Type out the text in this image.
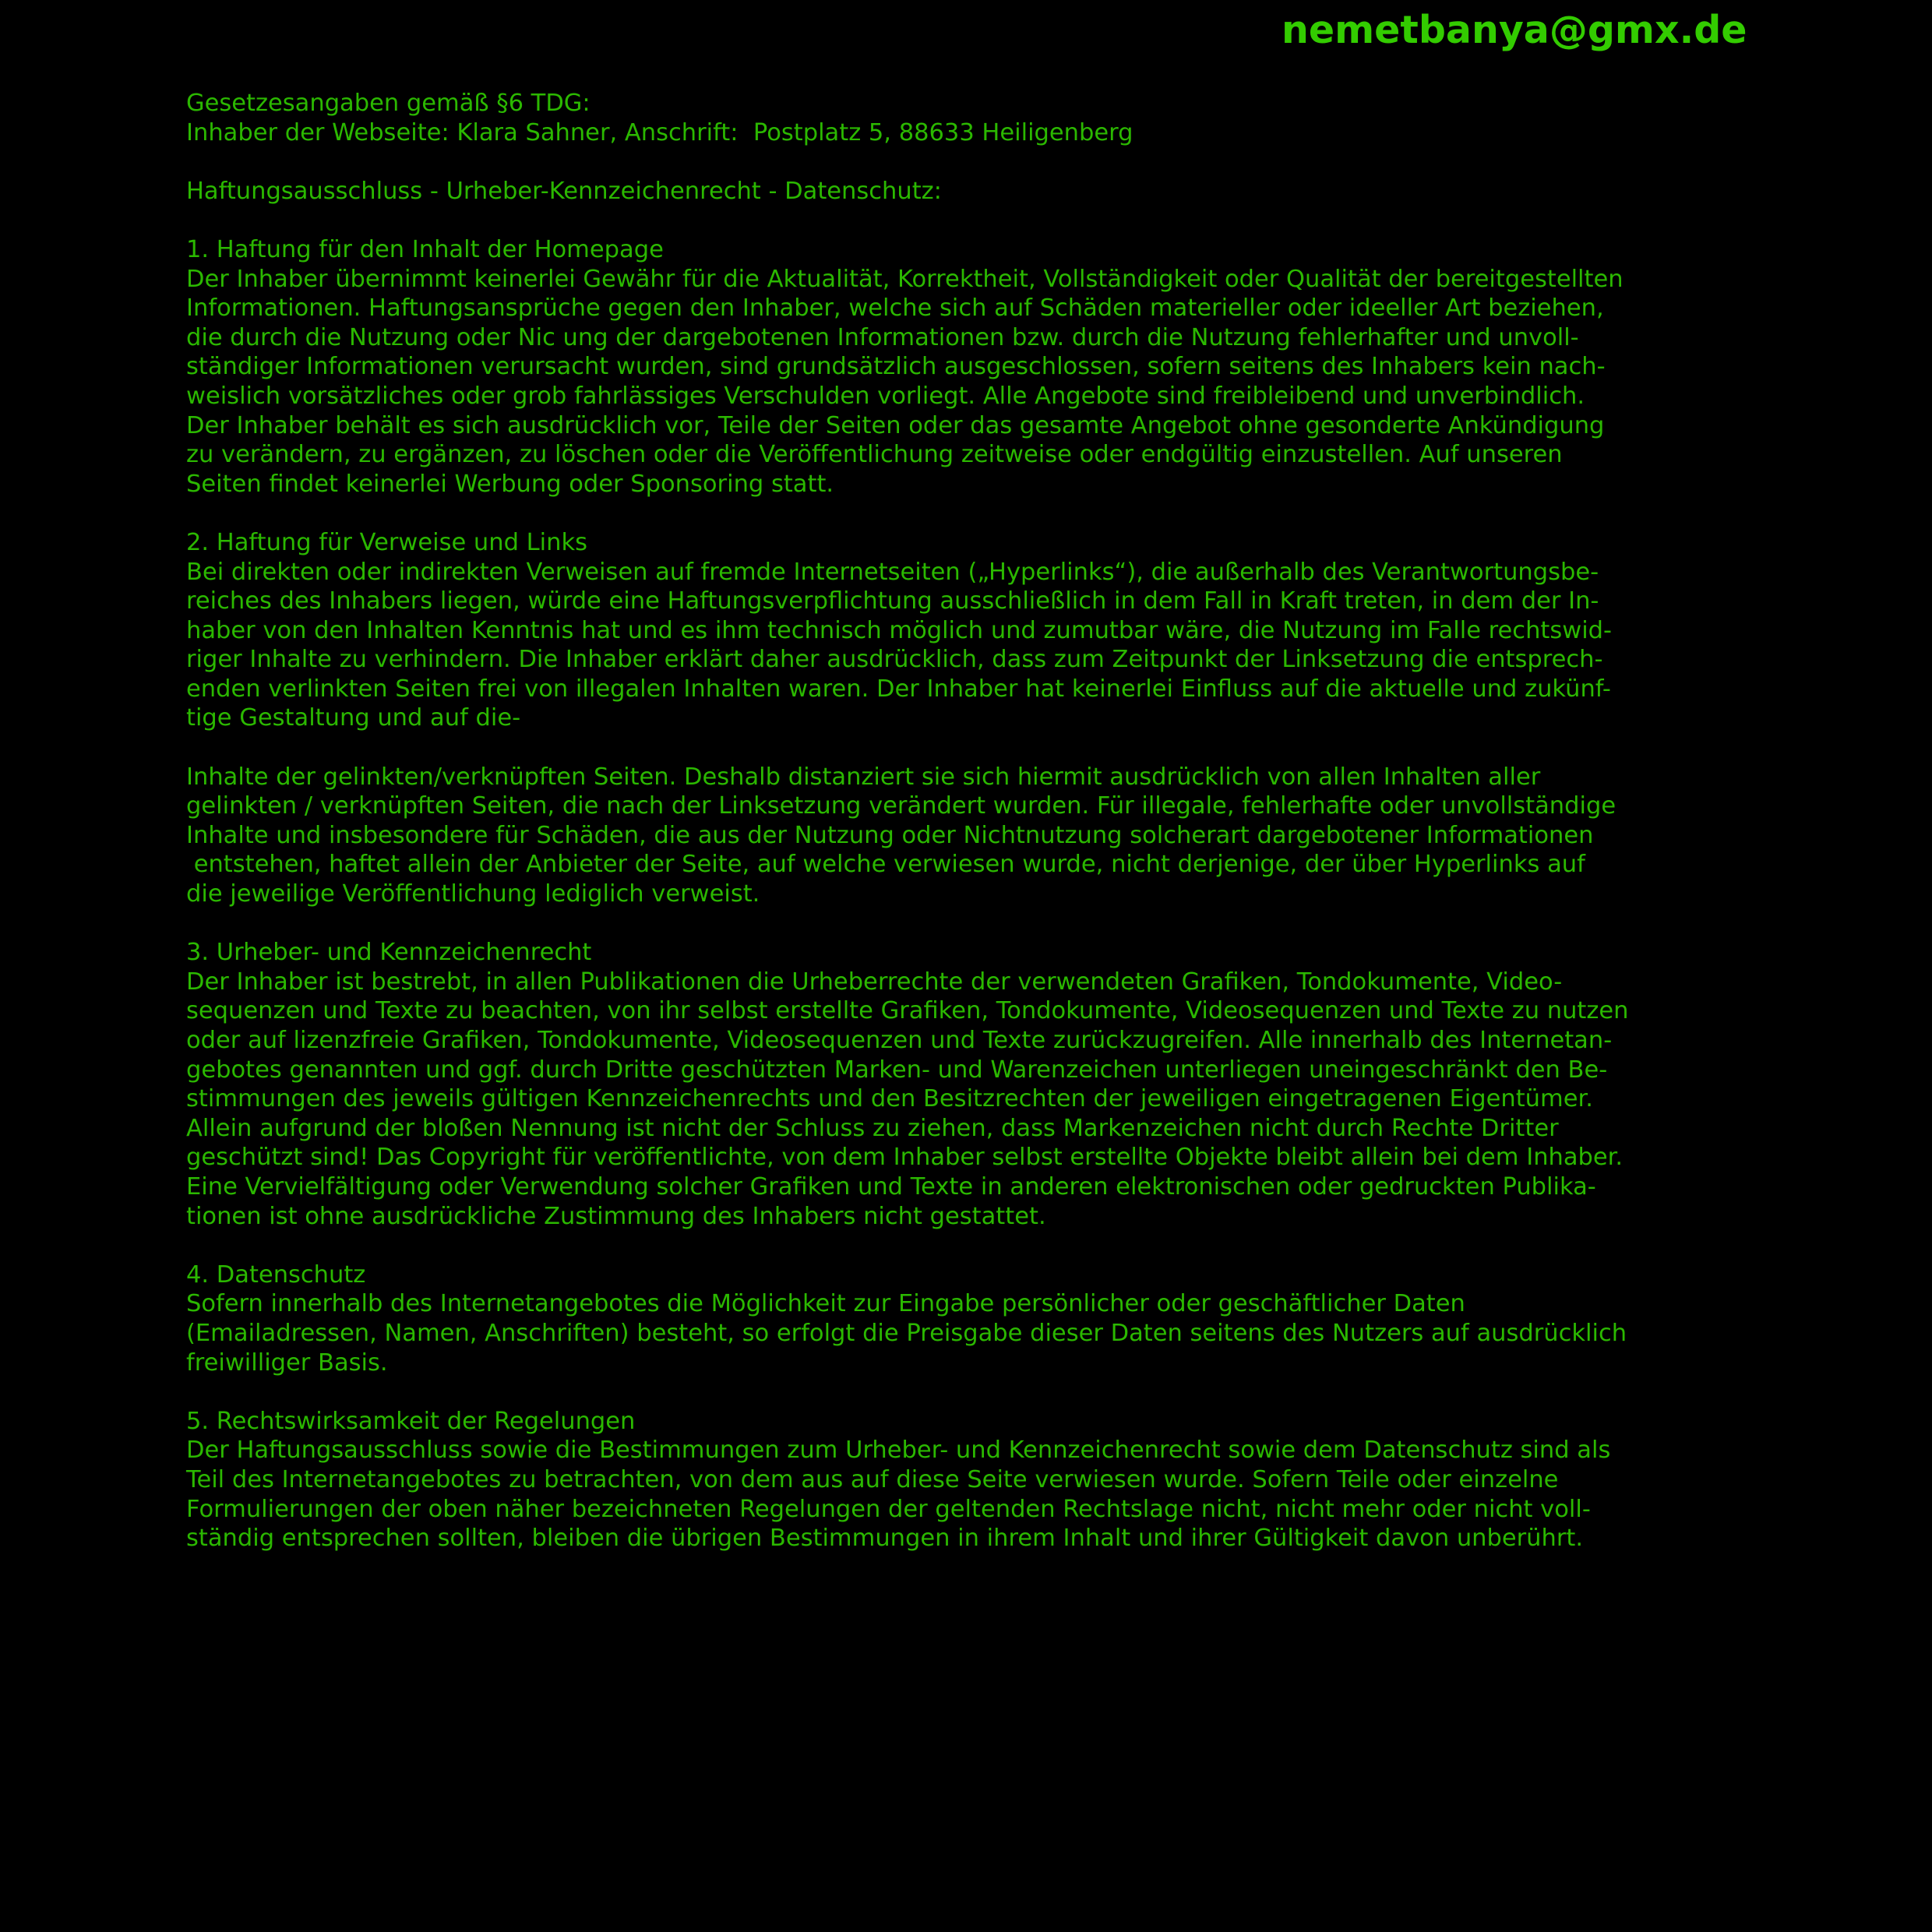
nemetbanya@gmx.de
Gesetzesangaben gemäß §6 TDG:
Inhaber der Webseite: Klara Sahner, Anschrift:  Postplatz 5, 88633 Heiligenberg
Haftungsausschluss - Urheber-Kennzeichenrecht - Datenschutz:
1. Haftung für den Inhalt der Homepage
Der Inhaber übernimmt keinerlei Gewähr für die Aktualität, Korrektheit, Vollständigkeit oder Qualität der bereitgestellten
Informationen. Haftungsansprüche gegen den Inhaber, welche sich auf Schäden materieller oder ideeller Art beziehen,
die durch die Nutzung oder Nic ung der dargebotenen Informationen bzw. durch die Nutzung fehlerhafter und unvoll-
ständiger Informationen verursacht wurden, sind grundsätzlich ausgeschlossen, sofern seitens des Inhabers kein nach-
weislich vorsätzliches oder grob fahrlässiges Verschulden vorliegt. Alle Angebote sind freibleibend und unverbindlich.
Der Inhaber behält es sich ausdrücklich vor, Teile der Seiten oder das gesamte Angebot ohne gesonderte Ankündigung
zu verändern, zu ergänzen, zu löschen oder die Veröffentlichung zeitweise oder endgültig einzustellen. Auf unseren
Seiten findet keinerlei Werbung oder Sponsoring statt.
2. Haftung für Verweise und Links
Bei direkten oder indirekten Verweisen auf fremde Internetseiten („Hyperlinks“), die außerhalb des Verantwortungsbe-
reiches des Inhabers liegen, würde eine Haftungsverpflichtung ausschließlich in dem Fall in Kraft treten, in dem der In-
haber von den Inhalten Kenntnis hat und es ihm technisch möglich und zumutbar wäre, die Nutzung im Falle rechtswid-
riger Inhalte zu verhindern. Die Inhaber erklärt daher ausdrücklich, dass zum Zeitpunkt der Linksetzung die entsprech-
enden verlinkten Seiten frei von illegalen Inhalten waren. Der Inhaber hat keinerlei Einfluss auf die aktuelle und zukünf-
tige Gestaltung und auf die-
Inhalte der gelinkten/verknüpften Seiten. Deshalb distanziert sie sich hiermit ausdrücklich von allen Inhalten aller
gelinkten / verknüpften Seiten, die nach der Linksetzung verändert wurden. Für illegale, fehlerhafte oder unvollständige
Inhalte und insbesondere für Schäden, die aus der Nutzung oder Nichtnutzung solcherart dargebotener Informationen
entstehen, haftet allein der Anbieter der Seite, auf welche verwiesen wurde, nicht derjenige, der über Hyperlinks auf
die jeweilige Veröffentlichung lediglich verweist.
3. Urheber- und Kennzeichenrecht
Der Inhaber ist bestrebt, in allen Publikationen die Urheberrechte der verwendeten Grafiken, Tondokumente, Video-
sequenzen und Texte zu beachten, von ihr selbst erstellte Grafiken, Tondokumente, Videosequenzen und Texte zu nutzen
oder auf lizenzfreie Grafiken, Tondokumente, Videosequenzen und Texte zurückzugreifen. Alle innerhalb des Internetan-
gebotes genannten und ggf. durch Dritte geschützten Marken- und Warenzeichen unterliegen uneingeschränkt den Be-
stimmungen des jeweils gültigen Kennzeichenrechts und den Besitzrechten der jeweiligen eingetragenen Eigentümer.
Allein aufgrund der bloßen Nennung ist nicht der Schluss zu ziehen, dass Markenzeichen nicht durch Rechte Dritter
geschützt sind! Das Copyright für veröffentlichte, von dem Inhaber selbst erstellte Objekte bleibt allein bei dem Inhaber.
Eine Vervielfältigung oder Verwendung solcher Grafiken und Texte in anderen elektronischen oder gedruckten Publika-
tionen ist ohne ausdrückliche Zustimmung des Inhabers nicht gestattet.
4. Datenschutz
Sofern innerhalb des Internetangebotes die Möglichkeit zur Eingabe persönlicher oder geschäftlicher Daten
(Emailadressen, Namen, Anschriften) besteht, so erfolgt die Preisgabe dieser Daten seitens des Nutzers auf ausdrücklich
freiwilliger Basis.
5. Rechtswirksamkeit der Regelungen
Der Haftungsausschluss sowie die Bestimmungen zum Urheber- und Kennzeichenrecht sowie dem Datenschutz sind als
Teil des Internetangebotes zu betrachten, von dem aus auf diese Seite verwiesen wurde. Sofern Teile oder einzelne
Formulierungen der oben näher bezeichneten Regelungen der geltenden Rechtslage nicht, nicht mehr oder nicht voll-
ständig entsprechen sollten, bleiben die übrigen Bestimmungen in ihrem Inhalt und ihrer Gültigkeit davon unberührt.
